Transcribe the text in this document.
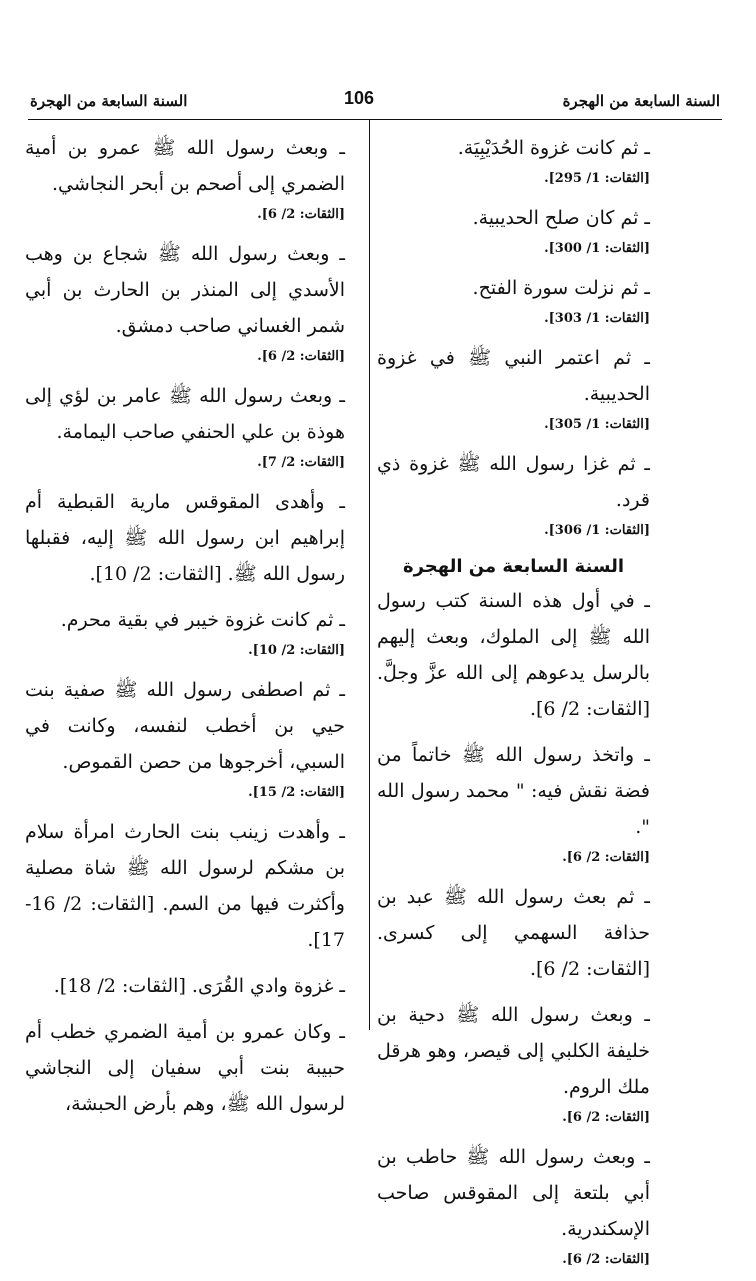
السنة السابعة من الهجرة	106	السنة السابعة من الهجرة
ـ ثم كانت غزوة الحُدَيْبِيَة.
[الثقات: 1/ 295].
ـ ثم كان صلح الحديبية.
[الثقات: 1/ 300].
ـ ثم نزلت سورة الفتح.
[الثقات: 1/ 303].
ـ ثم اعتمر النبي ﷺ في غزوة الحديبية.
[الثقات: 1/ 305].
ـ ثم غزا رسول الله ﷺ غزوة ذي قرد.
[الثقات: 1/ 306].
السنة السابعة من الهجرة
ـ في أول هذه السنة كتب رسول الله ﷺ إلى الملوك، وبعث إليهم بالرسل يدعوهم إلى الله عزَّ وجلَّ. [الثقات: 2/ 6].
ـ واتخذ رسول الله ﷺ خاتماً من فضة نقش فيه: " محمد رسول الله ".
[الثقات: 2/ 6].
ـ ثم بعث رسول الله ﷺ عبد بن حذافة السهمي إلى كسرى. [الثقات: 2/ 6].
ـ وبعث رسول الله ﷺ دحية بن خليفة الكلبي إلى قيصر، وهو هرقل ملك الروم.
[الثقات: 2/ 6].
ـ وبعث رسول الله ﷺ حاطب بن أبي بلتعة إلى المقوقس صاحب الإسكندرية.
[الثقات: 2/ 6].
ـ وبعث رسول الله ﷺ عمرو بن أمية الضمري إلى أصحم بن أبحر النجاشي.
[الثقات: 2/ 6].
ـ وبعث رسول الله ﷺ شجاع بن وهب الأسدي إلى المنذر بن الحارث بن أبي شمر الغساني صاحب دمشق.
[الثقات: 2/ 6].
ـ وبعث رسول الله ﷺ عامر بن لؤي إلى هوذة بن علي الحنفي صاحب اليمامة.
[الثقات: 2/ 7].
ـ وأهدى المقوقس مارية القبطية أم إبراهيم ابن رسول الله ﷺ إليه، فقبلها رسول الله ﷺ. [الثقات: 2/ 10].
ـ ثم كانت غزوة خيبر في بقية محرم.
[الثقات: 2/ 10].
ـ ثم اصطفى رسول الله ﷺ صفية بنت حيي بن أخطب لنفسه، وكانت في السبي، أخرجوها من حصن القموص.
[الثقات: 2/ 15].
ـ وأهدت زينب بنت الحارث امرأة سلام بن مشكم لرسول الله ﷺ شاة مصلية وأكثرت فيها من السم. [الثقات: 2/ 16-17].
ـ غزوة وادي القُرَى. [الثقات: 2/ 18].
ـ وكان عمرو بن أمية الضمري خطب أم حبيبة بنت أبي سفيان إلى النجاشي لرسول الله ﷺ، وهم بأرض الحبشة،
